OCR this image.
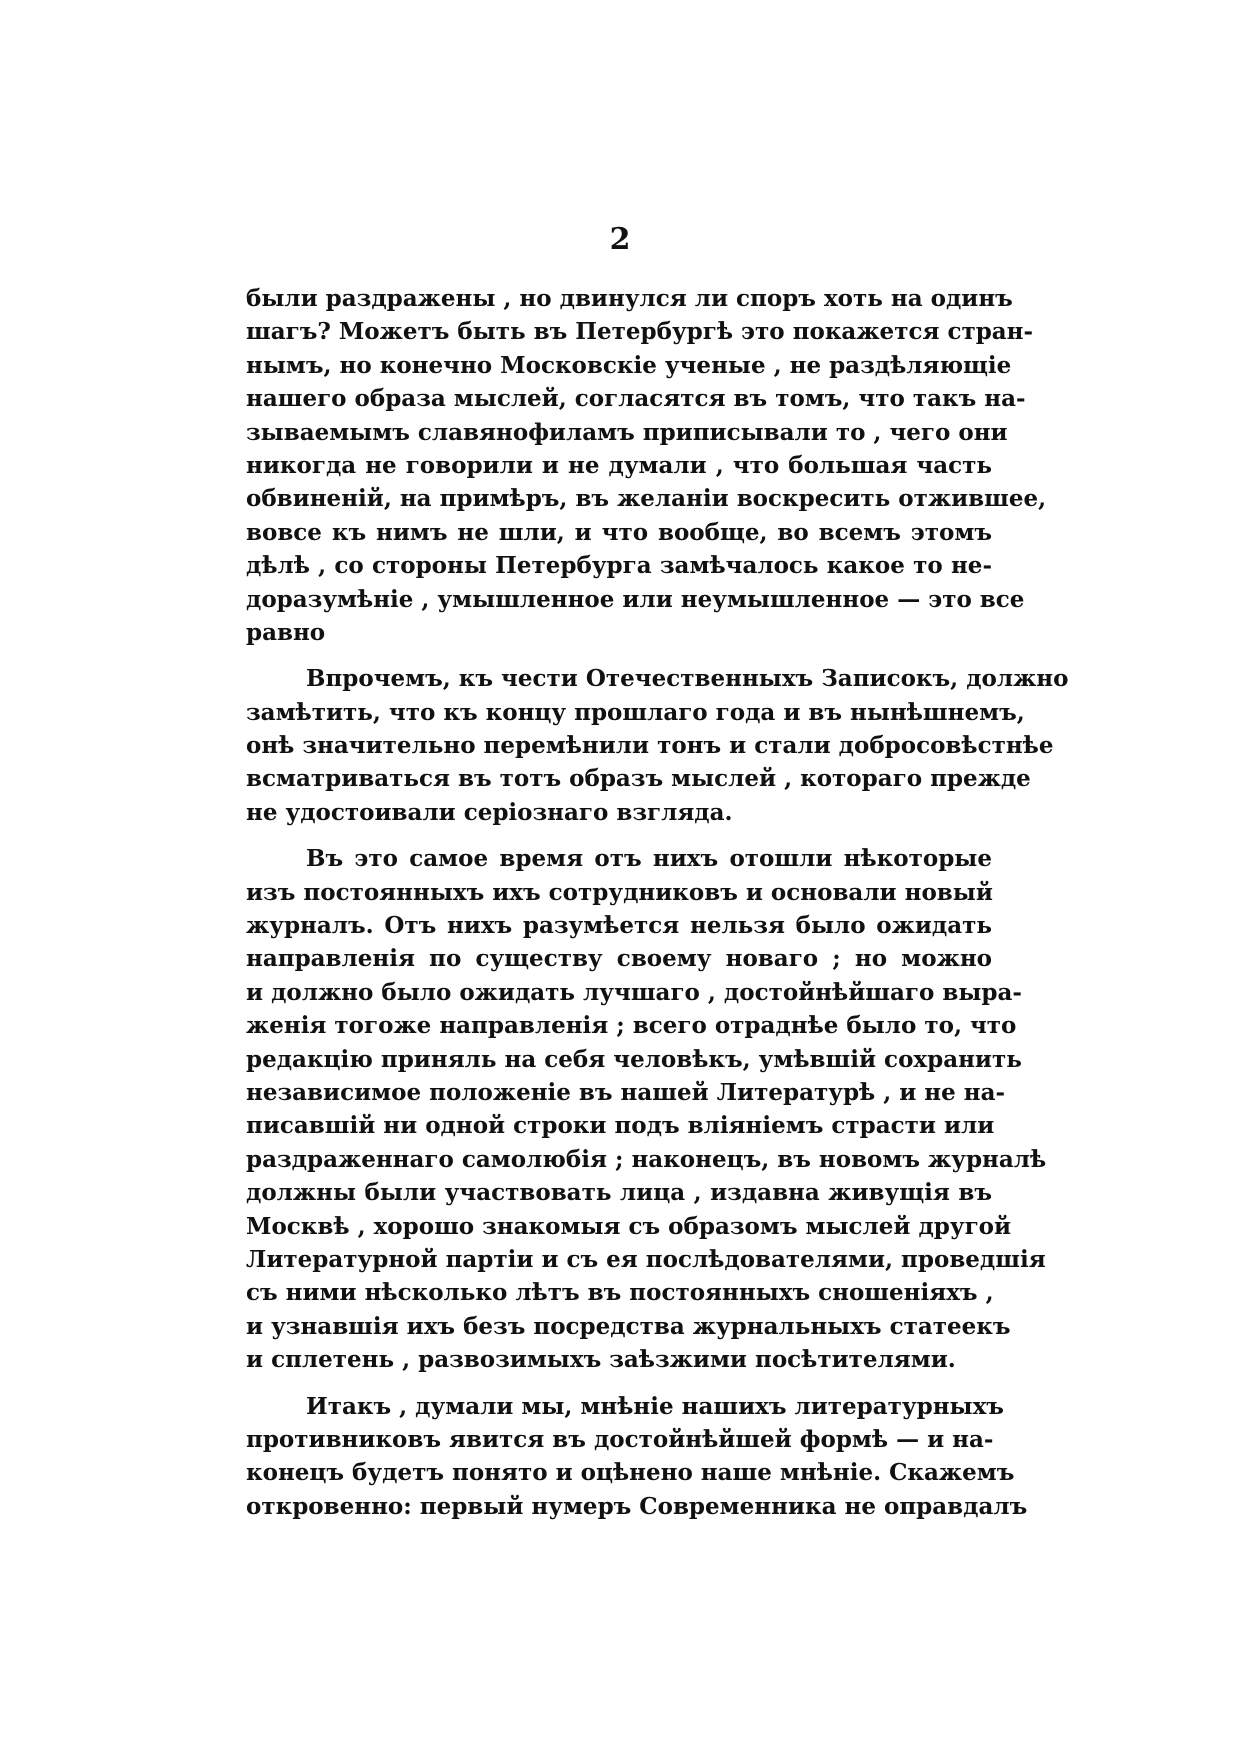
2
были раздражены , но двинулся ли споръ хоть на одинъ
шагъ? Можетъ быть въ Петербургѣ это покажется стран-
нымъ, но конечно Московскіе ученые , не раздѣляющіе
нашего образа мыслей, согласятся въ томъ, что такъ на-
зываемымъ славянофиламъ приписывали то , чего они
никогда не говорили и не думали , что большая часть
обвиненій, на примѣръ, въ желаніи воскресить отжившее,
вовсе къ нимъ не шли, и что вообще, во всемъ этомъ
дѣлѣ , со стороны Петербурга замѣчалось какое то не-
доразумѣніе , умышленное или неумышленное — это все
равно
Впрочемъ, къ чести Отечественныхъ Записокъ, должно
замѣтить, что къ концу прошлаго года и въ нынѣшнемъ,
онѣ значительно перемѣнили тонъ и стали добросовѣстнѣе
всматриваться въ тотъ образъ мыслей , котораго прежде
не удостоивали серіознаго взгляда.
Въ это самое время отъ нихъ отошли нѣкоторые
изъ постоянныхъ ихъ сотрудниковъ и основали новый
журналъ. Отъ нихъ разумѣется нельзя было ожидать
направленія по существу своему новаго ; но можно
и должно было ожидать лучшаго , достойнѣйшаго выра-
женія тогоже направленія ; всего отраднѣе было то, что
редакцію приняль на себя человѣкъ, умѣвшій сохранить
независимое положеніе въ нашей Литературѣ , и не на-
писавшій ни одной строки подъ вліяніемъ страсти или
раздраженнаго самолюбія ; наконецъ, въ новомъ журналѣ
должны были участвовать лица , издавна живущія въ
Москвѣ , хорошо знакомыя съ образомъ мыслей другой
Литературной партіи и съ ея послѣдователями, проведшія
съ ними нѣсколько лѣтъ въ постоянныхъ сношеніяхъ ,
и узнавшія ихъ безъ посредства журнальныхъ статеекъ
и сплетень , развозимыхъ заѣзжими посѣтителями.
Итакъ , думали мы, мнѣніе нашихъ литературныхъ
противниковъ явится въ достойнѣйшей формѣ — и на-
конецъ будетъ понято и оцѣнено наше мнѣніе. Скажемъ
откровенно: первый нумеръ Современника не оправдалъ
